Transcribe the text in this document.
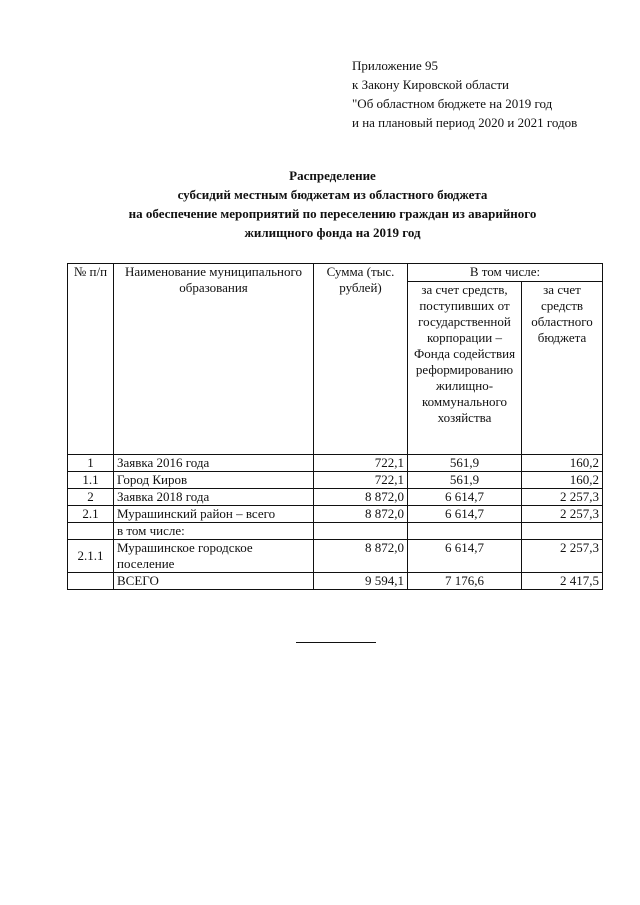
Приложение 95
к Закону Кировской области
"Об областном бюджете на 2019 год
и на плановый период 2020 и 2021 годов
Распределение
субсидий местным бюджетам из областного бюджета
на обеспечение мероприятий по переселению граждан из аварийного
жилищного фонда на 2019 год
№ п/п	Наименование муниципального образования	Сумма (тыс. рублей)	В том числе:	
			за счет средств, поступивших от государственной корпорации – Фонда содействия реформированию жилищно-коммунального хозяйства	за счет средств областного бюджета
1	Заявка 2016 года	722,1	561,9	160,2
1.1	Город Киров	722,1	561,9	160,2
2	Заявка 2018 года	8 872,0	6 614,7	2 257,3
2.1	Мурашинский район – всего	8 872,0	6 614,7	2 257,3
	в том числе:			
2.1.1	Мурашинское городское поселение	8 872,0	6 614,7	2 257,3
	ВСЕГО	9 594,1	7 176,6	2 417,5
